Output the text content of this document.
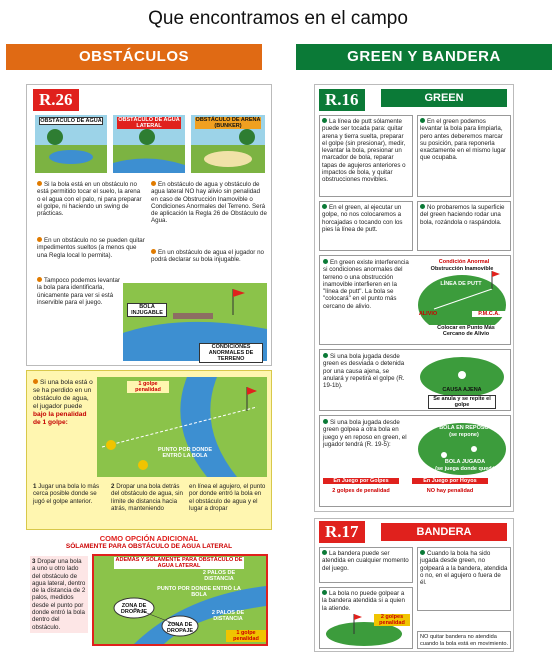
Que encontramos en el campo
OBSTÁCULOS	GREEN Y BANDERA
R.26
OBSTÁCULO DE AGUA	OBSTÁCULO DE AGUA LATERAL
OBSTÁCULO DE ARENA (BUNKER)
Si la bola está en un obstáculo no está permitido tocar el suelo, la arena o el agua con el palo, ni para preparar el golpe, ni haciendo un swing de prácticas.
En un obstáculo no se pueden quitar impedimentos sueltos (a menos que una Regla local lo permita).
Tampoco podemos levantar la bola para identificarla, únicamente para ver si está inservible para el juego.
En obstáculo de agua y obstáculo de agua lateral NO hay alivio sin penalidad en caso de Obstrucción Inamovible o Condiciones Anormales del Terreno. Será de aplicación la Regla 26 de Obstáculo de Agua.
En un obstáculo de agua el jugador no podrá declarar su bola injugable.
BOLA INJUGABLE
CONDICIONES ANORMALES DE TERRENO
Si una bola está o se ha perdido en un obstáculo de agua, el jugador puede bajo la penalidad de 1 golpe:
1 golpe penalidad
PUNTO POR DONDE ENTRÓ LA BOLA
1 Jugar una bola lo más cerca posible donde se jugó el golpe anterior.
2 Dropar una bola detrás del obstáculo de agua, sin límite de distancia hacia atrás, manteniendo
en línea el agujero, el punto por donde entró la bola en el obstáculo de agua y el lugar a dropar
COMO OPCIÓN ADICIONAL
SÓLAMENTE PARA OBSTÁCULO DE AGUA LATERAL
3 Dropar una bola a uno u otro lado del obstáculo de agua lateral, dentro de la distancia de 2 palos, medidos desde el punto por donde entró la bola dentro del obstáculo.
ADEMÁS Y SÓLAMENTE PARA OBSTÁCULO DE AGUA LATERAL
2 PALOS DE DISTANCIA
ZONA DE DROPAJE
PUNTO POR DONDE ENTRÓ LA BOLA
ZONA DE DROPAJE
2 PALOS DE DISTANCIA
1 golpe penalidad
R.16	GREEN
La línea de putt sólamente puede ser tocada para: quitar arena y tierra suelta, preparar el golpe (sin presionar), medir, levantar la bola, presionar un marcador de bola, reparar tapas de agujeros anteriores o impactos de bola, y quitar obstrucciones movibles.
En el green podemos levantar la bola para limpiarla, pero antes deberemos marcar su posición, para reponerla exactamente en el mismo lugar que ocupaba.
En el green, al ejecutar un golpe, no nos colocaremos a horcajadas o tocando con los pies la línea de putt.
No probaremos la superficie del green haciendo rodar una bola, rozándola o raspándola.
En green existe interferencia si condiciones anormales del terreno o una obstrucción inamovible interfieren en la "línea de putt". La bola se "colocará" en el punto más cercano de alivio.
Condición Anormal
Obstrucción Inamovible
LÍNEA DE PUTT
P.M.C.A.
ALIVIO
Colocar en Punto Más Cercano de Alivio
Si una bola jugada desde green es desviada o detenida por una causa ajena, se anulará y repetirá el golpe (R. 19-1b).
CAUSA AJENA
Se anula y se repite el golpe
Si una bola jugada desde green golpea a otra bola en juego y en reposo en green, el jugador tendrá (R. 19-5):
BOLA EN REPOSO
(se repone)
BOLA JUGADA
(se juega donde quedó)
En Juego por Golpes	En Juego por Hoyos
2 golpes de penalidad	NO hay penalidad
R.17	BANDERA
La bandera puede ser atendida en cualquier momento del juego.
Cuando la bola ha sido jugada desde green, no golpeará a la bandera, atendida o no, en el agujero o fuera de él.
La bola no puede golpear a la bandera atendida si a quien la atiende.
2 golpes penalidad
NO quitar bandera no atendida cuando la bola está en movimiento.
